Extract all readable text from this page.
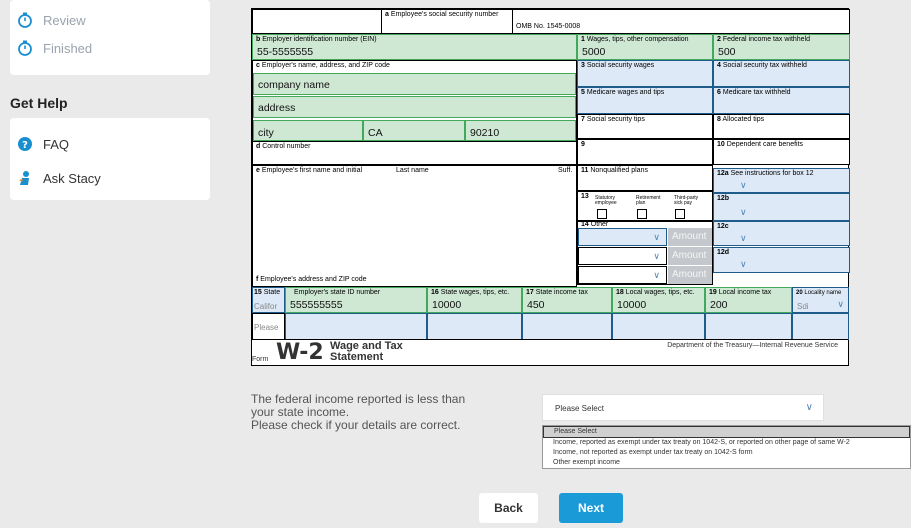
Review
Finished
Get Help
? FAQ
Ask Stacy
a Employee's social security number
OMB No. 1545-0008
b Employer identification number (EIN)
55-5555555
1 Wages, tips, other compensation
5000
2 Federal income tax withheld
500
c Employer's name, address, and ZIP code
company name
address
city	CA	90210
3 Social security wages	4 Social security tax withheld
5 Medicare wages and tips	6 Medicare tax withheld
7 Social security tips	8 Allocated tips
d Control number	9	10 Dependent care benefits
e Employee's first name and initial	Last name	Suff.
f Employee's address and ZIP code
11 Nonqualified plans	12a See instructions for box 12
∨
13 Statutory employee
Retirement plan
Third-party sick pay
12b
∨
14 Other
∨	Amount
∨	Amount
∨	Amount
12c
∨
12d
∨
15 State
Califor
Employer's state ID number
555555555
16 State wages, tips, etc.
10000
17 State income tax
450
18 Local wages, tips, etc.
10000
19 Local income tax
200
20 Locality name
Sdi	∨
Please
Form W-2 Wage and Tax
Statement
Department of the Treasury—Internal Revenue Service
The federal income reported is less than your state income.
Please check if your details are correct.
Please Select	∨
Please Select
Income, reported as exempt under tax treaty on 1042-S, or reported on other page of same W-2
Income, not reported as exempt under tax treaty on 1042-S form
Other exempt income
Back	Next
